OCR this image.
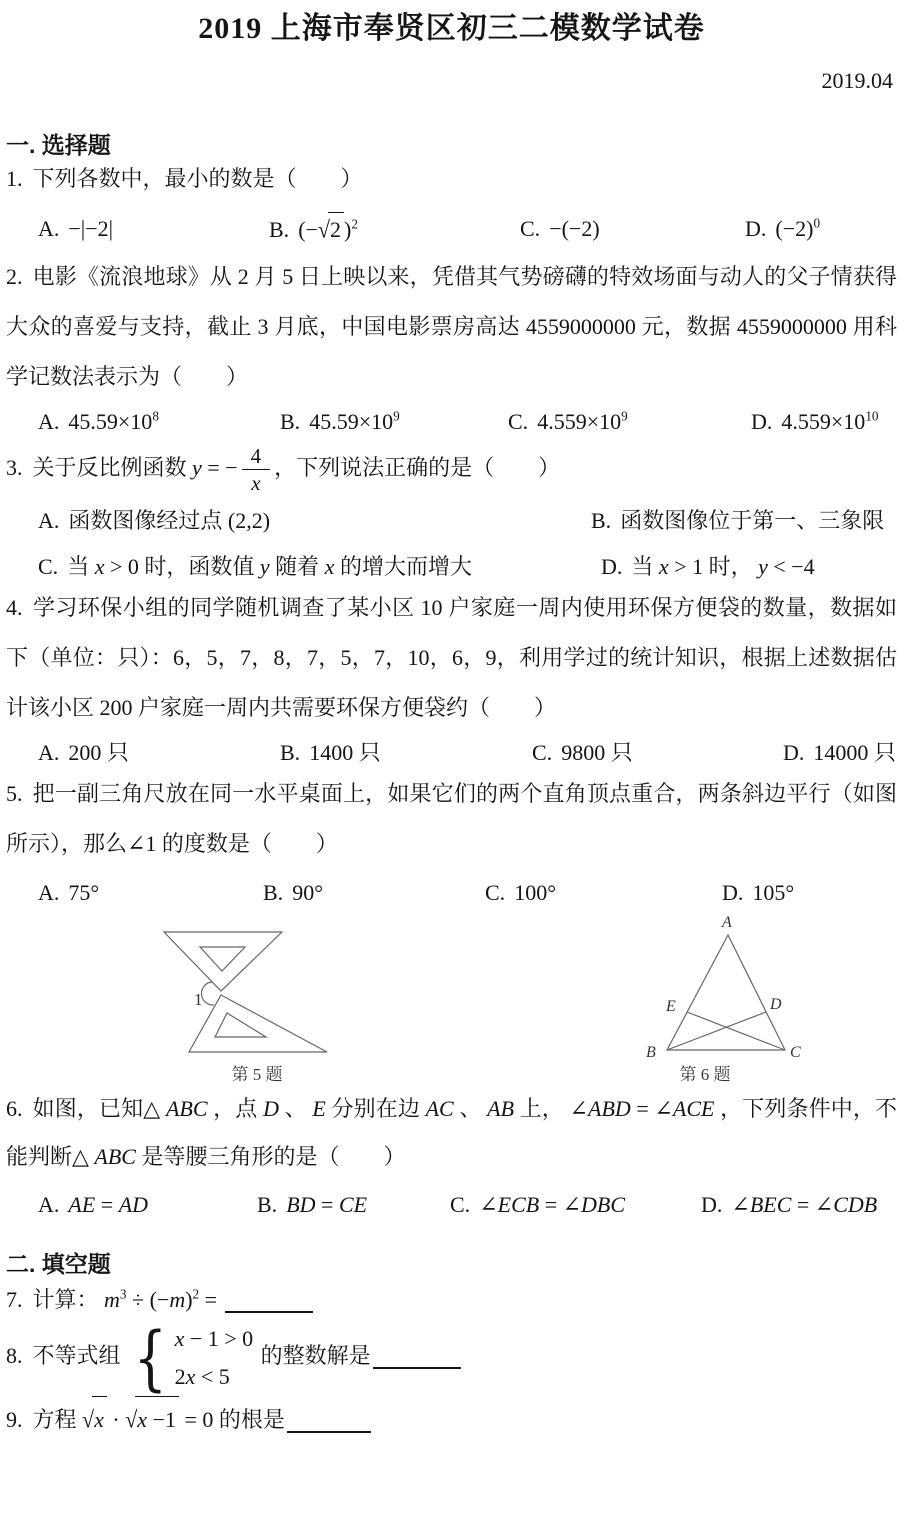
2019 上海市奉贤区初三二模数学试卷
2019.04
一. 选择题

1. 下列各数中，最小的数是（　　）

A. −|−2|	B. (−√2 )$^2$	C. −(−2)	D. $(-2)^0$

2. 电影《流浪地球》从 2 月 5 日上映以来，凭借其气势磅礴的特效场面与动人的父子情获得大众的喜爱与支持，截止 3 月底，中国电影票房高达 4559000000 元，数据 4559000000 用科学记数法表示为（　　）

A. $45.59\times 10^8$	B. $45.59\times 10^9$	C. $4.559\times 10^9$	D. $4.559\times 10^{10}$

3. 关于反比例函数 y = − $\frac{4}{x}$ ，下列说法正确的是（　　）

A. 函数图像经过点 (2,2)	B. 函数图像位于第一、三象限
C. 当 x > 0 时，函数值 y 随着 x 的增大而增大	D. 当 x > 1 时， y < −4

4. 学习环保小组的同学随机调查了某小区 10 户家庭一周内使用环保方便袋的数量，数据如下（单位：只）：6，5，7，8，7，5，7，10，6，9，利用学过的统计知识，根据上述数据估计该小区 200 户家庭一周内共需要环保方便袋约（　　）

A. 200 只	B. 1400 只	C. 9800 只	D. 14000 只

5. 把一副三角尺放在同一水平桌面上，如果它们的两个直角顶点重合，两条斜边平行（如图所示），那么∠1 的度数是（　　）

A. 75°	B. 90°	C. 100°	D. 105°
1
第 5 题
A
B	C
E	D
第 6 题

6. 如图，已知△ ABC ，点 D 、 E 分别在边 AC 、 AB 上， ∠ABD = ∠ACE ，下列条件中，不能判断△ ABC 是等腰三角形的是（　　）

A. AE = AD	B. BD = CE	C. ∠ECB = ∠DBC	D. ∠BEC = ∠CDB
二. 填空题

7. 计算： $m^3 \div (-m)^2$ =

8. 不等式组 { x − 1 > 0
2x < 5
的整数解是

9. 方程 √x · √x −1 = 0 的根是
